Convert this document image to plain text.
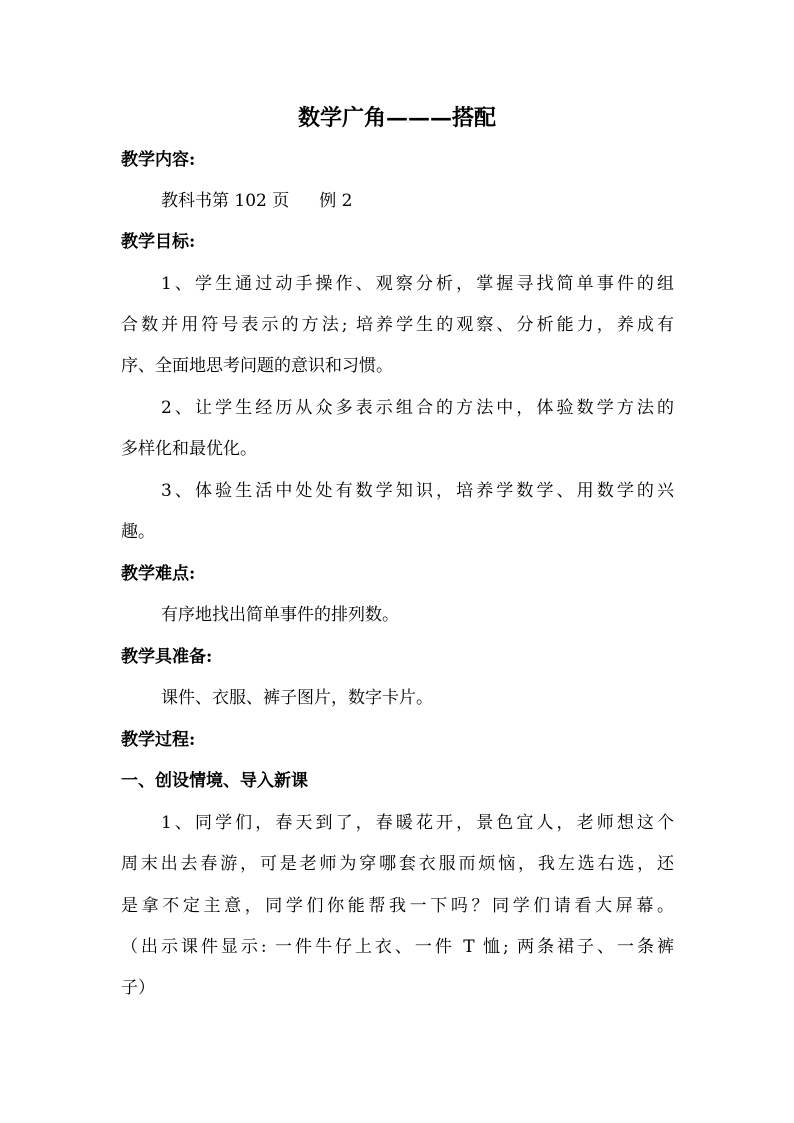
数学广角———搭配
教学内容:
教科书第 102 页 例 2
教学目标:
1、学生通过动手操作、观察分析，掌握寻找简单事件的组
合数并用符号表示的方法; 培养学生的观察、分析能力，养成有
序、全面地思考问题的意识和习惯。
2、让学生经历从众多表示组合的方法中，体验数学方法的
多样化和最优化。
3、体验生活中处处有数学知识，培养学数学、用数学的兴
趣。
教学难点:
有序地找出简单事件的排列数。
教学具准备:
课件、衣服、裤子图片，数字卡片。
教学过程:
一、创设情境、导入新课
1、同学们，春天到了，春暖花开，景色宜人，老师想这个
周末出去春游，可是老师为穿哪套衣服而烦恼，我左选右选，还
是拿不定主意，同学们你能帮我一下吗？同学们请看大屏幕。
（出示课件显示: 一件牛仔上衣、一件 T 恤; 两条裙子、一条裤
子）
